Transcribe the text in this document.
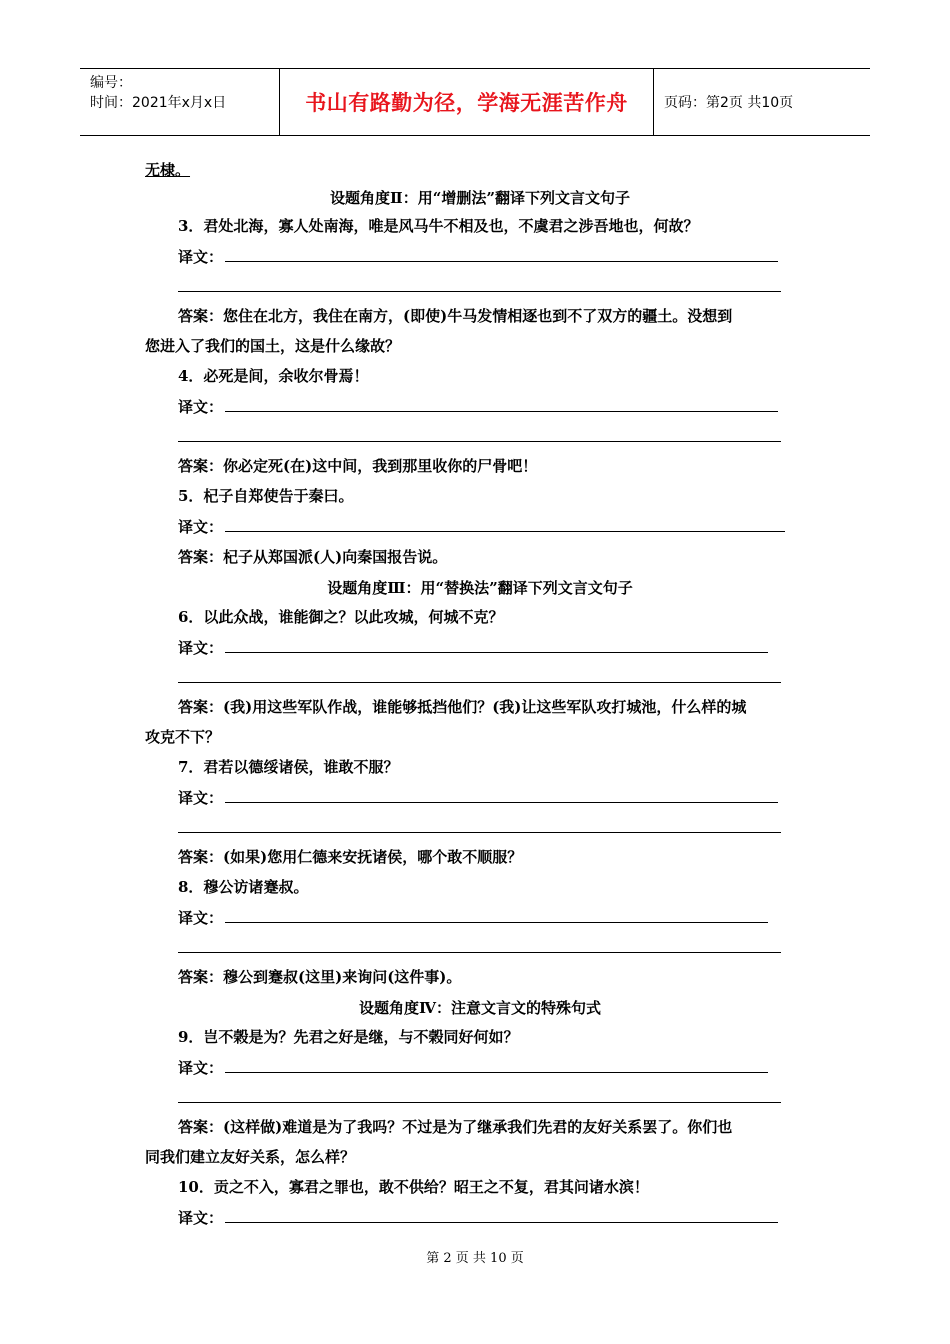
编号：
时间：2021年x月x日	书山有路勤为径，学海无涯苦作舟	页码：第2页 共10页
无棣。
设题角度Ⅱ：用“增删法”翻译下列文言文句子
3．君处北海，寡人处南海，唯是风马牛不相及也，不虞君之涉吾地也，何故？
译文：
答案：您住在北方，我住在南方，(即使)牛马发情相逐也到不了双方的疆土。没想到
您进入了我们的国土，这是什么缘故？
4．必死是间，余收尔骨焉！
译文：
答案：你必定死(在)这中间，我到那里收你的尸骨吧！
5．杞子自郑使告于秦曰。
译文：
答案：杞子从郑国派(人)向秦国报告说。
设题角度Ⅲ：用“替换法”翻译下列文言文句子
6．以此众战，谁能御之？以此攻城，何城不克？
译文：
答案：(我)用这些军队作战，谁能够抵挡他们？(我)让这些军队攻打城池，什么样的城
攻克不下？
7．君若以德绥诸侯，谁敢不服？
译文：
答案：(如果)您用仁德来安抚诸侯，哪个敢不顺服？
8．穆公访诸蹇叔。
译文：
答案：穆公到蹇叔(这里)来询问(这件事)。
设题角度Ⅳ：注意文言文的特殊句式
9．岂不榖是为？先君之好是继，与不榖同好何如？
译文：
答案：(这样做)难道是为了我吗？不过是为了继承我们先君的友好关系罢了。你们也
同我们建立友好关系，怎么样？
10．贡之不入，寡君之罪也，敢不供给？昭王之不复，君其问诸水滨！
译文：
第 2 页 共 10 页
